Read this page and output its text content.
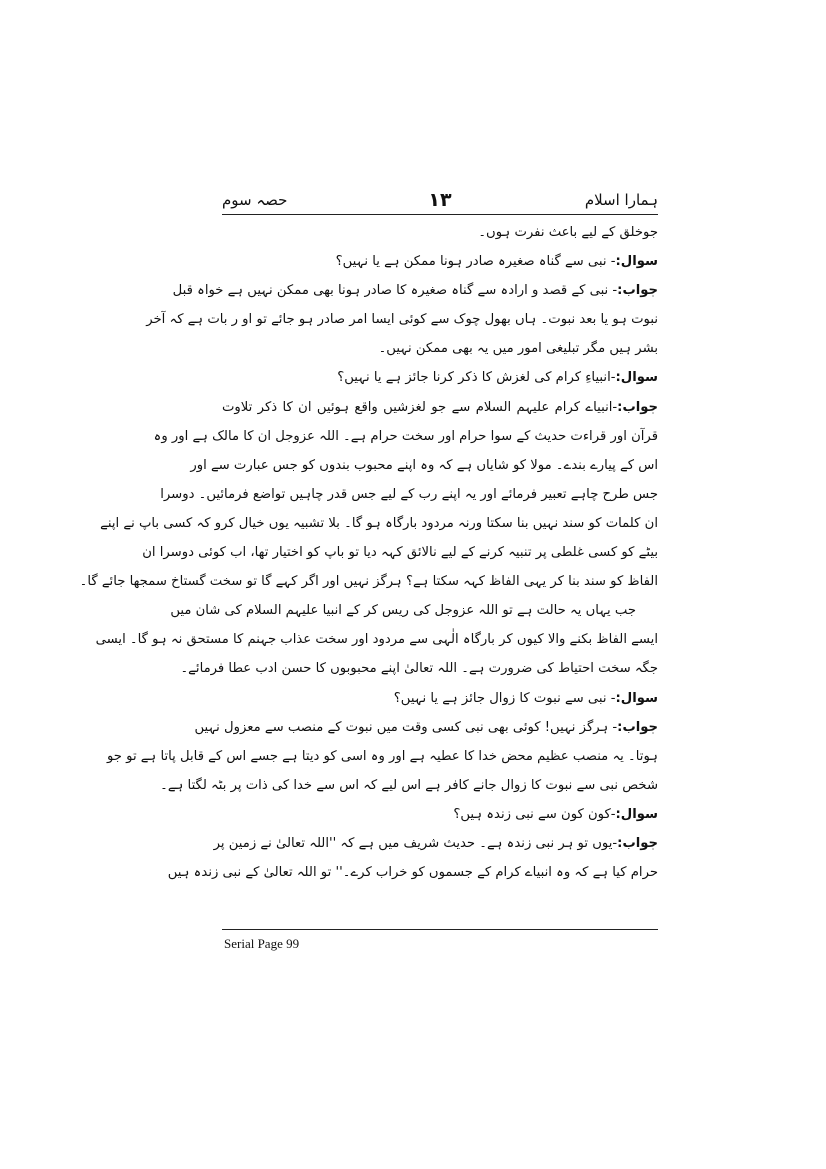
ہمارا اسلام
۱۳
حصہ سوم
جوخلق کے لیے باعث نفرت ہوں۔
سوال:- نبی سے گناہ صغیرہ صادر ہونا ممکن ہے یا نہیں؟
جواب:- نبی کے قصد و ارادہ سے گناہ صغیرہ کا صادر ہونا بھی ممکن نہیں ہے خواہ قبل
نبوت ہو یا بعد نبوت۔ ہاں بھول چوک سے کوئی ایسا امر صادر ہو جائے تو او ر بات ہے کہ آخر
بشر ہیں مگر تبلیغی امور میں یہ بھی ممکن نہیں۔
سوال:-انبیاءِ کرام کی لغزش کا ذکر کرنا جائز ہے یا نہیں؟
جواب:-انبیاے کرام علیہم السلام سے جو لغزشیں واقع ہوئیں ان کا ذکر تلاوت
قرآن اور قراءت حدیث کے سوا حرام اور سخت حرام ہے۔ اللہ عزوجل ان کا مالک ہے اور وہ
اس کے پیارے بندے۔ مولا کو شایاں ہے کہ وہ اپنے محبوب بندوں کو جس عبارت سے اور
جس طرح چاہے تعبیر فرمائے اور یہ اپنے رب کے لیے جس قدر چاہیں تواضع فرمائیں۔ دوسرا
ان کلمات کو سند نہیں بنا سکتا ورنہ مردود بارگاہ ہو گا۔ بلا تشبیہ یوں خیال کرو کہ کسی باپ نے اپنے
بیٹے کو کسی غلطی پر تنبیہ کرنے کے لیے نالائق کہہ دیا تو باپ کو اختیار تھا، اب کوئی دوسرا ان
الفاظ کو سند بنا کر یہی الفاظ کہہ سکتا ہے؟ ہرگز نہیں اور اگر کہے گا تو سخت گستاخ سمجھا جائے گا۔
جب یہاں یہ حالت ہے تو اللہ عزوجل کی ریس کر کے انبیا علیہم السلام کی شان میں
ایسے الفاظ بکنے والا کیوں کر بارگاہ الٰہی سے مردود اور سخت عذاب جہنم کا مستحق نہ ہو گا۔ ایسی
جگہ سخت احتیاط کی ضرورت ہے۔ اللہ تعالیٰ اپنے محبوبوں کا حسن ادب عطا فرمائے۔
سوال:- نبی سے نبوت کا زوال جائز ہے یا نہیں؟
جواب:- ہرگز نہیں! کوئی بھی نبی کسی وقت میں نبوت کے منصب سے معزول نہیں
ہوتا۔ یہ منصب عظیم محض خدا کا عطیہ ہے اور وہ اسی کو دیتا ہے جسے اس کے قابل پاتا ہے تو جو
شخص نبی سے نبوت کا زوال جانے کافر ہے اس لیے کہ اس سے خدا کی ذات پر بٹہ لگتا ہے۔
سوال:-کون کون سے نبی زندہ ہیں؟
جواب:-یوں تو ہر نبی زندہ ہے۔ حدیث شریف میں ہے کہ ''اللہ تعالیٰ نے زمین پر
حرام کیا ہے کہ وہ انبیاے کرام کے جسموں کو خراب کرے۔'' تو اللہ تعالیٰ کے نبی زندہ ہیں
Serial Page 99
